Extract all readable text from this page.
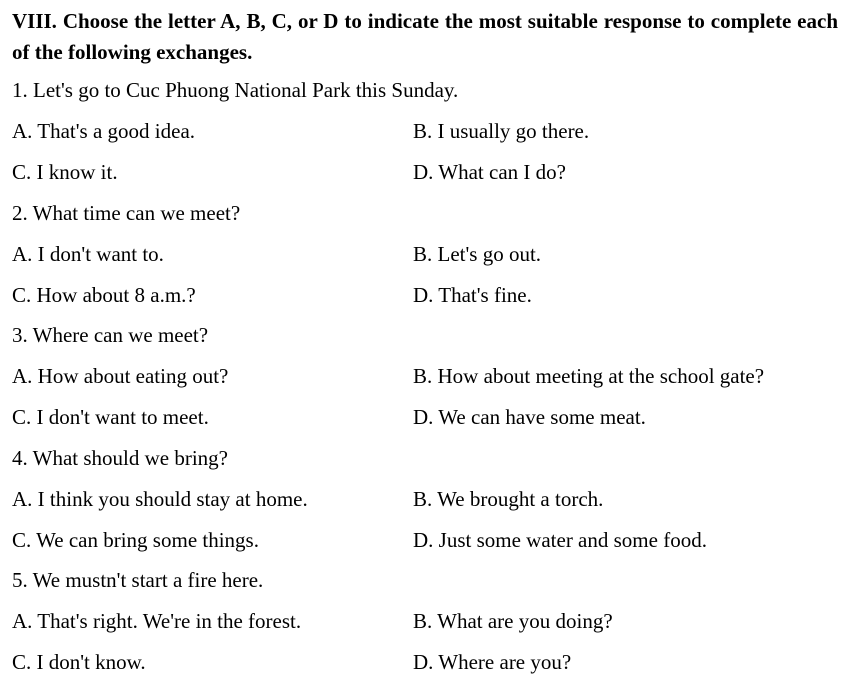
VIII. Choose the letter A, B, C, or D to indicate the most suitable response to complete each of the following exchanges.
1. Let's go to Cuc Phuong National Park this Sunday.
A. That's a good idea.	B. I usually go there.
C. I know it.	D. What can I do?
2. What time can we meet?
A. I don't want to.	B. Let's go out.
C. How about 8 a.m.?	D. That's fine.
3. Where can we meet?
A. How about eating out?	B. How about meeting at the school gate?
C. I don't want to meet.	D. We can have some meat.
4. What should we bring?
A. I think you should stay at home.	B. We brought a torch.
C. We can bring some things.	D. Just some water and some food.
5. We mustn't start a fire here.
A. That's right. We're in the forest.	B. What are you doing?
C. I don't know.	D. Where are you?
